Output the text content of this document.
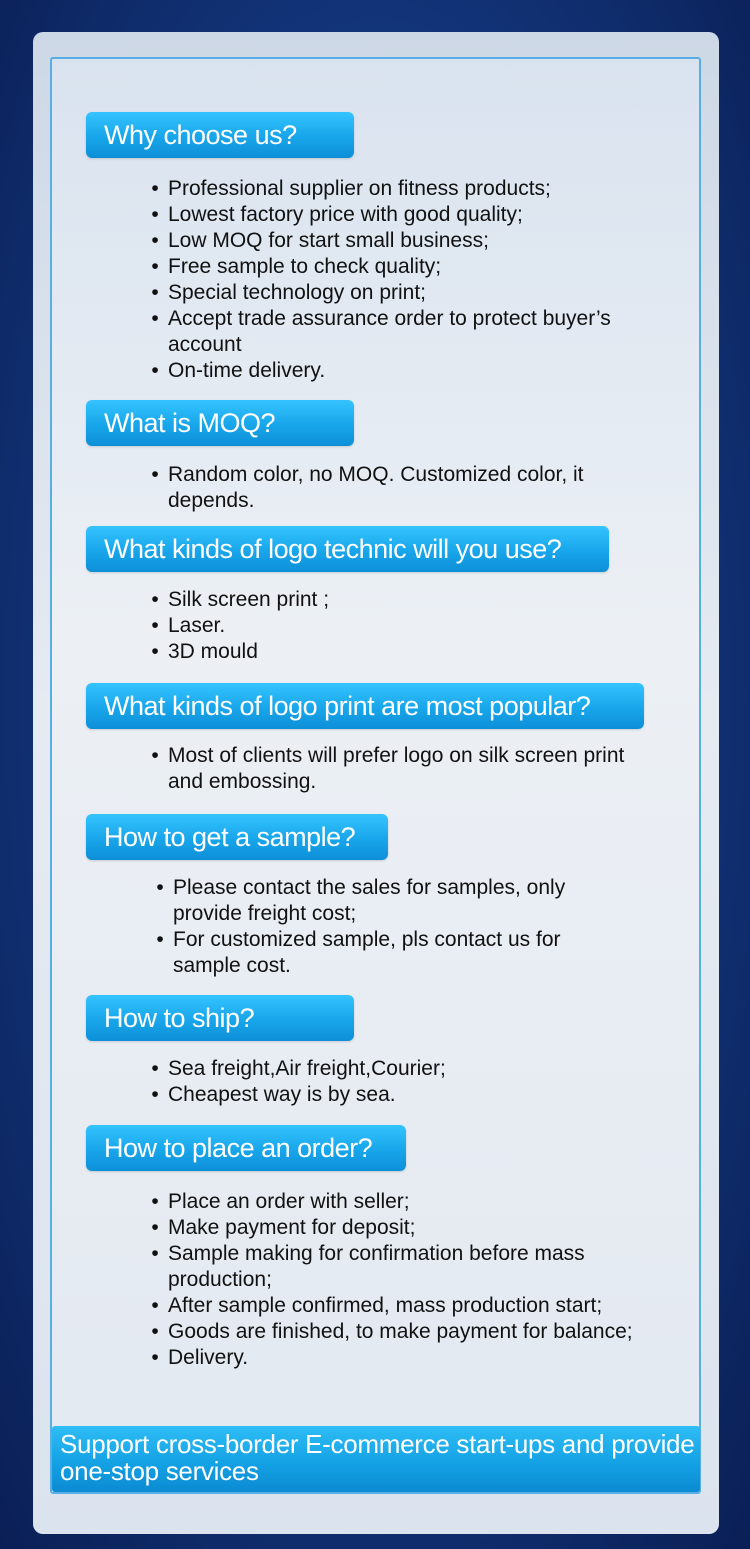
Why choose us?
• Professional supplier on fitness products;
• Lowest factory price with good quality;
• Low MOQ for start small business;
• Free sample to check quality;
• Special technology on print;
• Accept trade assurance order to protect buyer’s account
• On-time delivery.
What is MOQ?
• Random color, no MOQ. Customized color, it depends.
What kinds of logo technic will you use?
• Silk screen print ;
• Laser.
• 3D mould
What kinds of logo print are most popular?
• Most of clients will prefer logo on silk screen print and embossing.
How to get a sample?
• Please contact the sales for samples, only provide freight cost;
• For customized sample, pls contact us for sample cost.
How to ship?
• Sea freight,Air freight,Courier;
• Cheapest way is by sea.
How to place an order?
• Place an order with seller;
• Make payment for deposit;
• Sample making for confirmation before mass production;
• After sample confirmed, mass production start;
• Goods are finished, to make payment for balance;
• Delivery.
Support cross-border E-commerce start-ups and provide one-stop services
